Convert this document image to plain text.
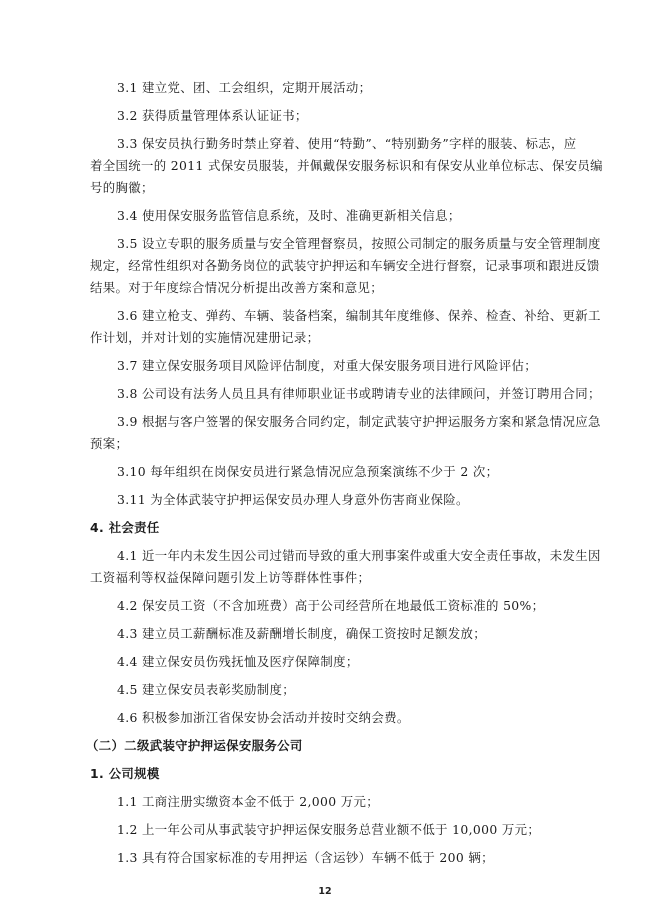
3.1 建立党、团、工会组织，定期开展活动；
3.2 获得质量管理体系认证证书；
3.3 保安员执行勤务时禁止穿着、使用“特勤”、“特别勤务”字样的服装、标志，应
着全国统一的 2011 式保安员服装，并佩戴保安服务标识和有保安从业单位标志、保安员编
号的胸徽；
3.4 使用保安服务监管信息系统，及时、准确更新相关信息；
3.5 设立专职的服务质量与安全管理督察员，按照公司制定的服务质量与安全管理制度
规定，经常性组织对各勤务岗位的武装守护押运和车辆安全进行督察，记录事项和跟进反馈
结果。对于年度综合情况分析提出改善方案和意见；
3.6 建立枪支、弹药、车辆、装备档案，编制其年度维修、保养、检查、补给、更新工
作计划，并对计划的实施情况建册记录；
3.7 建立保安服务项目风险评估制度，对重大保安服务项目进行风险评估；
3.8 公司设有法务人员且具有律师职业证书或聘请专业的法律顾问，并签订聘用合同；
3.9 根据与客户签署的保安服务合同约定，制定武装守护押运服务方案和紧急情况应急
预案；
3.10 每年组织在岗保安员进行紧急情况应急预案演练不少于 2 次；
3.11 为全体武装守护押运保安员办理人身意外伤害商业保险。
4. 社会责任
4.1 近一年内未发生因公司过错而导致的重大刑事案件或重大安全责任事故，未发生因
工资福利等权益保障问题引发上访等群体性事件；
4.2 保安员工资（不含加班费）高于公司经营所在地最低工资标准的 50%；
4.3 建立员工薪酬标准及薪酬增长制度，确保工资按时足额发放；
4.4 建立保安员伤残抚恤及医疗保障制度；
4.5 建立保安员表彰奖励制度；
4.6 积极参加浙江省保安协会活动并按时交纳会费。
（二）二级武装守护押运保安服务公司
1. 公司规模
1.1 工商注册实缴资本金不低于 2,000 万元；
1.2 上一年公司从事武装守护押运保安服务总营业额不低于 10,000 万元；
1.3 具有符合国家标准的专用押运（含运钞）车辆不低于 200 辆；
12
